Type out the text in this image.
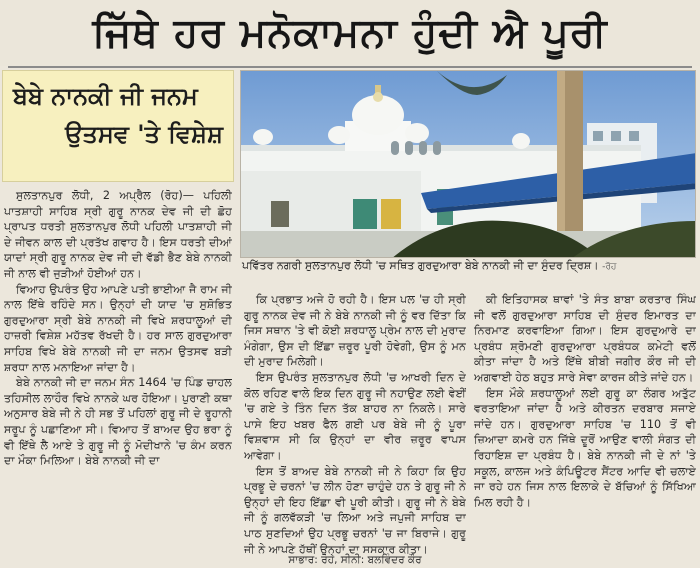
ਜਿੱਥੇ ਹਰ ਮਨੋਕਾਮਨਾ ਹੁੰਦੀ ਐ ਪੂਰੀ
ਬੇਬੇ ਨਾਨਕੀ ਜੀ ਜਨਮ
ਉਤਸਵ 'ਤੇ ਵਿਸ਼ੇਸ਼
ਪਵਿੱਤਰ ਨਗਰੀ ਸੁਲਤਾਨਪੁਰ ਲੋਧੀ 'ਚ ਸਥਿਤ ਗੁਰਦੁਆਰਾ ਬੇਬੇ ਨਾਨਕੀ ਜੀ ਦਾ ਸੁੰਦਰ ਦ੍ਰਿਸ਼। -ਰੋਹ

ਸੁਲਤਾਨਪੁਰ ਲੋਧੀ, 2 ਅਪ੍ਰੈਲ (ਰੋਹ)— ਪਹਿਲੀ ਪਾਤਸ਼ਾਹੀ ਸਾਹਿਬ ਸ੍ਰੀ ਗੁਰੂ ਨਾਨਕ ਦੇਵ ਜੀ ਦੀ ਛੋਹ ਪ੍ਰਾਪਤ ਧਰਤੀ ਸੁਲਤਾਨਪੁਰ ਲੋਧੀ ਪਹਿਲੀ ਪਾਤਸ਼ਾਹੀ ਜੀ ਦੇ ਜੀਵਨ ਕਾਲ ਦੀ ਪ੍ਰਤੱਖ ਗਵਾਹ ਹੈ। ਇਸ ਧਰਤੀ ਦੀਆਂ ਯਾਦਾਂ ਸ੍ਰੀ ਗੁਰੂ ਨਾਨਕ ਦੇਵ ਜੀ ਦੀ ਵੱਡੀ ਭੈਣ ਬੇਬੇ ਨਾਨਕੀ ਜੀ ਨਾਲ ਵੀ ਜੁੜੀਆਂ ਹੋਈਆਂ ਹਨ।

ਵਿਆਹ ਉਪਰੰਤ ਉਹ ਆਪਣੇ ਪਤੀ ਭਾਈਆ ਜੈ ਰਾਮ ਜੀ ਨਾਲ ਇੱਥੇ ਰਹਿੰਦੇ ਸਨ। ਉਨ੍ਹਾਂ ਦੀ ਯਾਦ 'ਚ ਸੁਸ਼ੋਭਿਤ ਗੁਰਦੁਆਰਾ ਸ੍ਰੀ ਬੇਬੇ ਨਾਨਕੀ ਜੀ ਵਿਖੇ ਸ਼ਰਧਾਲੂਆਂ ਦੀ ਹਾਜ਼ਰੀ ਵਿਸ਼ੇਸ਼ ਮਹੱਤਵ ਰੱਖਦੀ ਹੈ। ਹਰ ਸਾਲ ਗੁਰਦੁਆਰਾ ਸਾਹਿਬ ਵਿਖੇ ਬੇਬੇ ਨਾਨਕੀ ਜੀ ਦਾ ਜਨਮ ਉਤਸਵ ਬੜੀ ਸ਼ਰਧਾ ਨਾਲ ਮਨਾਇਆ ਜਾਂਦਾ ਹੈ।

ਬੇਬੇ ਨਾਨਕੀ ਜੀ ਦਾ ਜਨਮ ਸੰਨ 1464 'ਚ ਪਿੰਡ ਚਾਹਲ ਤਹਿਸੀਲ ਲਾਹੌਰ ਵਿਖੇ ਨਾਨਕੇ ਘਰ ਹੋਇਆ। ਪੁਰਾਣੀ ਕਥਾ ਅਨੁਸਾਰ ਬੇਬੇ ਜੀ ਨੇ ਹੀ ਸਭ ਤੋਂ ਪਹਿਲਾਂ ਗੁਰੂ ਜੀ ਦੇ ਰੂਹਾਨੀ ਸਰੂਪ ਨੂੰ ਪਛਾਣਿਆ ਸੀ। ਵਿਆਹ ਤੋਂ ਬਾਅਦ ਉਹ ਭਰਾ ਨੂੰ ਵੀ ਇੱਥੇ ਲੈ ਆਏ ਤੇ ਗੁਰੂ ਜੀ ਨੂੰ ਮੋਦੀਖਾਨੇ 'ਚ ਕੰਮ ਕਰਨ ਦਾ ਮੌਕਾ ਮਿਲਿਆ। ਬੇਬੇ ਨਾਨਕੀ ਜੀ ਦਾ

ਕਿ ਪ੍ਰਭਾਤ ਅਜੇ ਹੋ ਰਹੀ ਹੈ। ਇਸ ਪਲ 'ਚ ਹੀ ਸ੍ਰੀ ਗੁਰੂ ਨਾਨਕ ਦੇਵ ਜੀ ਨੇ ਬੇਬੇ ਨਾਨਕੀ ਜੀ ਨੂੰ ਵਰ ਦਿੱਤਾ ਕਿ ਜਿਸ ਸਥਾਨ 'ਤੇ ਵੀ ਕੋਈ ਸ਼ਰਧਾਲੂ ਪ੍ਰੇਮ ਨਾਲ ਦੀ ਮੁਰਾਦ ਮੰਗੇਗਾ, ਉਸ ਦੀ ਇੱਛਾ ਜ਼ਰੂਰ ਪੂਰੀ ਹੋਵੇਗੀ, ਉਸ ਨੂੰ ਮਨ ਦੀ ਮੁਰਾਦ ਮਿਲੇਗੀ।

ਇਸ ਉਪਰੰਤ ਸੁਲਤਾਨਪੁਰ ਲੋਧੀ 'ਚ ਆਖਰੀ ਦਿਨ ਦੇ ਕੋਲ ਰਹਿਣ ਵਾਲੇ ਇਕ ਦਿਨ ਗੁਰੂ ਜੀ ਨਹਾਉਣ ਲਈ ਵੇਈਂ 'ਚ ਗਏ ਤੇ ਤਿੰਨ ਦਿਨ ਤੱਕ ਬਾਹਰ ਨਾ ਨਿਕਲੇ। ਸਾਰੇ ਪਾਸੇ ਇਹ ਖਬਰ ਫੈਲ ਗਈ ਪਰ ਬੇਬੇ ਜੀ ਨੂੰ ਪੂਰਾ ਵਿਸ਼ਵਾਸ ਸੀ ਕਿ ਉਨ੍ਹਾਂ ਦਾ ਵੀਰ ਜ਼ਰੂਰ ਵਾਪਸ ਆਵੇਗਾ।

ਇਸ ਤੋਂ ਬਾਅਦ ਬੇਬੇ ਨਾਨਕੀ ਜੀ ਨੇ ਕਿਹਾ ਕਿ ਉਹ ਪ੍ਰਭੂ ਦੇ ਚਰਨਾਂ 'ਚ ਲੀਨ ਹੋਣਾ ਚਾਹੁੰਦੇ ਹਨ ਤੇ ਗੁਰੂ ਜੀ ਨੇ ਉਨ੍ਹਾਂ ਦੀ ਇਹ ਇੱਛਾ ਵੀ ਪੂਰੀ ਕੀਤੀ। ਗੁਰੂ ਜੀ ਨੇ ਬੇਬੇ ਜੀ ਨੂੰ ਗਲਵੱਕੜੀ 'ਚ ਲਿਆ ਅਤੇ ਜਪੁਜੀ ਸਾਹਿਬ ਦਾ ਪਾਠ ਸੁਣਦਿਆਂ ਉਹ ਪ੍ਰਭੂ ਚਰਨਾਂ 'ਚ ਜਾ ਬਿਰਾਜੇ। ਗੁਰੂ ਜੀ ਨੇ ਆਪਣੇ ਹੱਥੀਂ ਉਨ੍ਹਾਂ ਦਾ ਸਸਕਾਰ ਕੀਤਾ।

ਸਾਭਾਰ: ਰੋਹ, ਸੀਨੀ: ਬਲਵਿੰਦਰ ਕੌਰ

ਕੀ ਇਤਿਹਾਸਕ ਥਾਵਾਂ 'ਤੇ ਸੰਤ ਬਾਬਾ ਕਰਤਾਰ ਸਿੰਘ ਜੀ ਵਲੋਂ ਗੁਰਦੁਆਰਾ ਸਾਹਿਬ ਦੀ ਸੁੰਦਰ ਇਮਾਰਤ ਦਾ ਨਿਰਮਾਣ ਕਰਵਾਇਆ ਗਿਆ। ਇਸ ਗੁਰਦੁਆਰੇ ਦਾ ਪ੍ਰਬੰਧ ਸ਼੍ਰੋਮਣੀ ਗੁਰਦੁਆਰਾ ਪ੍ਰਬੰਧਕ ਕਮੇਟੀ ਵਲੋਂ ਕੀਤਾ ਜਾਂਦਾ ਹੈ ਅਤੇ ਇੱਥੇ ਬੀਬੀ ਜਗੀਰ ਕੌਰ ਜੀ ਦੀ ਅਗਵਾਈ ਹੇਠ ਬਹੁਤ ਸਾਰੇ ਸੇਵਾ ਕਾਰਜ ਕੀਤੇ ਜਾਂਦੇ ਹਨ।

ਇਸ ਮੌਕੇ ਸ਼ਰਧਾਲੂਆਂ ਲਈ ਗੁਰੂ ਕਾ ਲੰਗਰ ਅਤੁੱਟ ਵਰਤਾਇਆ ਜਾਂਦਾ ਹੈ ਅਤੇ ਕੀਰਤਨ ਦਰਬਾਰ ਸਜਾਏ ਜਾਂਦੇ ਹਨ। ਗੁਰਦੁਆਰਾ ਸਾਹਿਬ 'ਚ 110 ਤੋਂ ਵੀ ਜ਼ਿਆਦਾ ਕਮਰੇ ਹਨ ਜਿੱਥੇ ਦੂਰੋਂ ਆਉਣ ਵਾਲੀ ਸੰਗਤ ਦੀ ਰਿਹਾਇਸ਼ ਦਾ ਪ੍ਰਬੰਧ ਹੈ। ਬੇਬੇ ਨਾਨਕੀ ਜੀ ਦੇ ਨਾਂ 'ਤੇ ਸਕੂਲ, ਕਾਲਜ ਅਤੇ ਕੰਪਿਊਟਰ ਸੈਂਟਰ ਆਦਿ ਵੀ ਚਲਾਏ ਜਾ ਰਹੇ ਹਨ ਜਿਸ ਨਾਲ ਇਲਾਕੇ ਦੇ ਬੱਚਿਆਂ ਨੂੰ ਸਿੱਖਿਆ ਮਿਲ ਰਹੀ ਹੈ।
